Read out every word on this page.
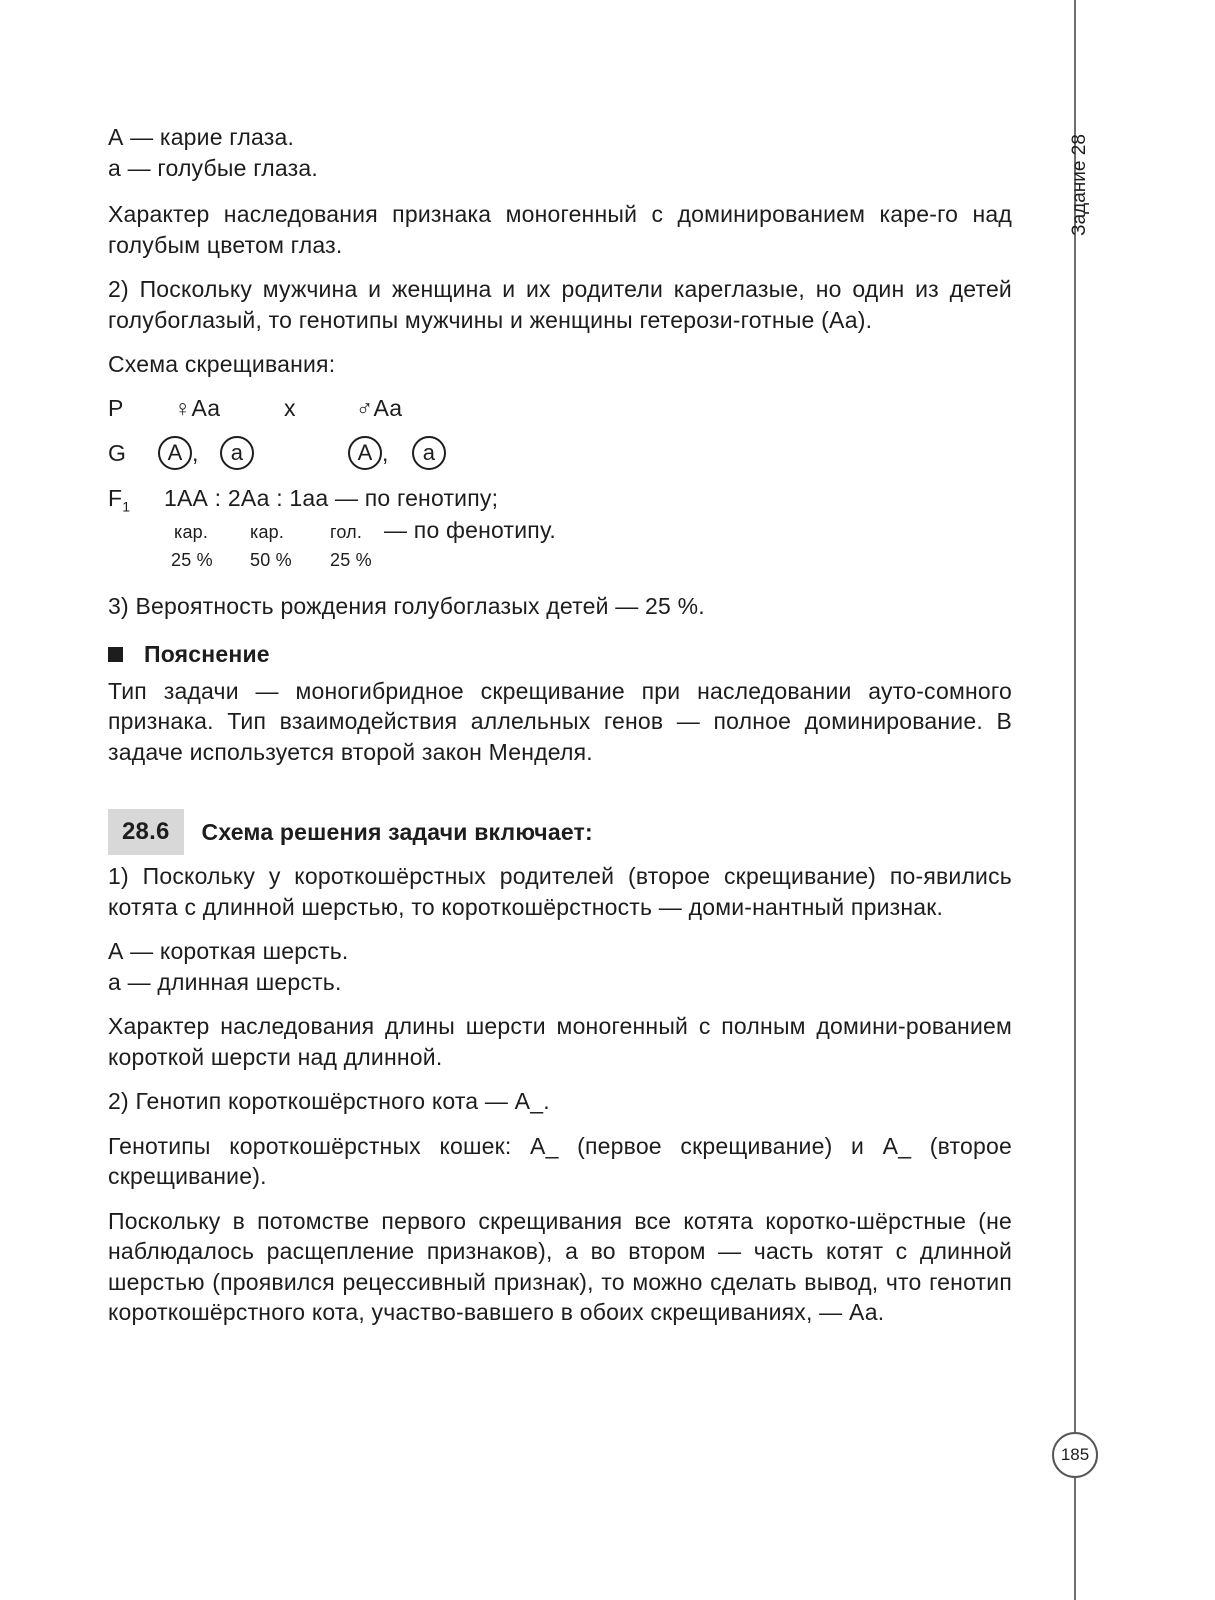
Задание 28
185

А — карие глаза.

а — голубые глаза.

Характер наследования признака моногенный с доминированием каре-го над голубым цветом глаз.

2) Поскольку мужчина и женщина и их родители кареглазые, но один из детей голубоглазый, то генотипы мужчины и женщины гетерози-готные (Аа).

Схема скрещивания:

P	♀Аа	х	♂Аа
G	А ,	а	А ,	а
$F_1$	1АА : 2Аа : 1аа — по генотипу;
кар.	кар.	гол. — по фенотипу.
25 %	50 %	25 %

3) Вероятность рождения голубоглазых детей — 25 %.

Пояснение

Тип задачи — моногибридное скрещивание при наследовании ауто-сомного признака. Тип взаимодействия аллельных генов — полное доминирование. В задаче используется второй закон Менделя.

28.6	Схема решения задачи включает:

1) Поскольку у короткошёрстных родителей (второе скрещивание) по-явились котята с длинной шерстью, то короткошёрстность — доми-нантный признак.

А — короткая шерсть.

а — длинная шерсть.

Характер наследования длины шерсти моногенный с полным домини-рованием короткой шерсти над длинной.

2) Генотип короткошёрстного кота — А_.

Генотипы короткошёрстных кошек: А_ (первое скрещивание) и А_ (второе скрещивание).

Поскольку в потомстве первого скрещивания все котята коротко-шёрстные (не наблюдалось расщепление признаков), а во втором — часть котят с длинной шерстью (проявился рецессивный признак), то можно сделать вывод, что генотип короткошёрстного кота, участво-вавшего в обоих скрещиваниях, — Аа.
